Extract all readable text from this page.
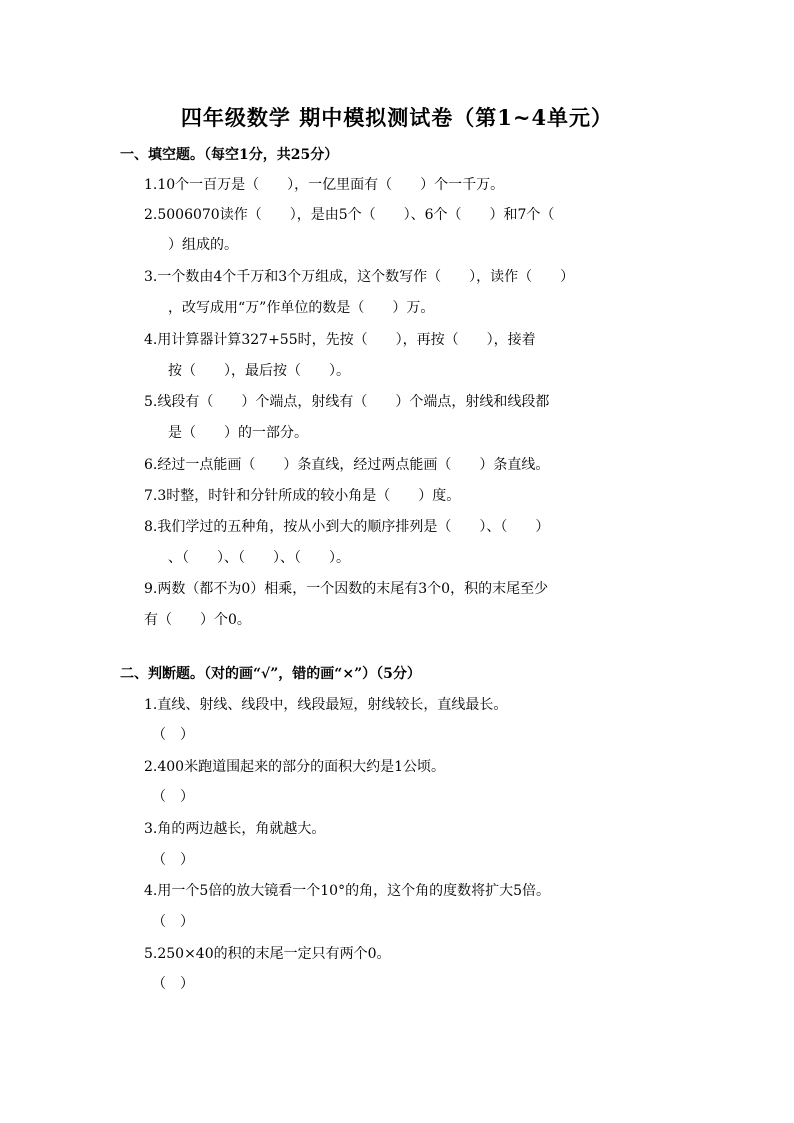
四年级数学 期中模拟测试卷（第1~4单元）

一、填空题。（每空1分，共25分）

1.10个一百万是（　　），一亿里面有（　　）个一千万。

2.5006070读作（　　），是由5个（　　）、6个（　　）和7个（

）组成的。

3.一个数由4个千万和3个万组成，这个数写作（　　），读作（　　）

，改写成用“万”作单位的数是（　　）万。

4.用计算器计算327+55时，先按（　　），再按（　　），接着

按（　　），最后按（　　）。

5.线段有（　　）个端点，射线有（　　）个端点，射线和线段都

是（　　）的一部分。

6.经过一点能画（　　）条直线，经过两点能画（　　）条直线。

7.3时整，时针和分针所成的较小角是（　　）度。

8.我们学过的五种角，按从小到大的顺序排列是（　　）、（　　）

、（　　）、（　　）、（　　）。

9.两数（都不为0）相乘，一个因数的末尾有3个0，积的末尾至少

有（　　）个0。

二、判断题。（对的画“√”，错的画“×”）（5分）

1.直线、射线、线段中，线段最短，射线较长，直线最长。

（　）

2.400米跑道围起来的部分的面积大约是1公顷。

（　）

3.角的两边越长，角就越大。

（　）

4.用一个5倍的放大镜看一个10°的角，这个角的度数将扩大5倍。

（　）

5.250×40的积的末尾一定只有两个0。

（　）
